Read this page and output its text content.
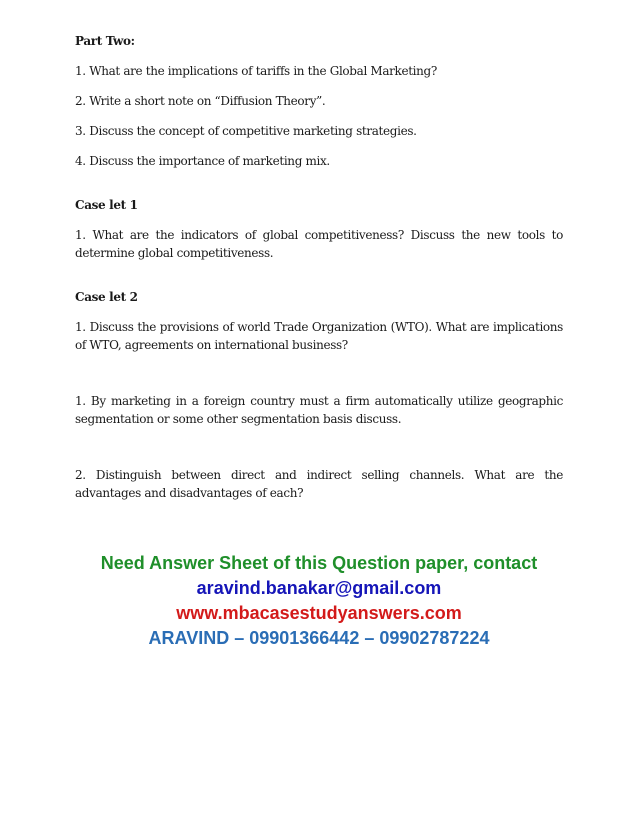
Part Two:
1. What are the implications of tariffs in the Global Marketing?
2. Write a short note on “Diffusion Theory”.
3. Discuss the concept of competitive marketing strategies.
4. Discuss the importance of marketing mix.
Case let 1
1. What are the indicators of global competitiveness? Discuss the new tools to determine global competitiveness.
Case let 2
1. Discuss the provisions of world Trade Organization (WTO). What are implications of WTO, agreements on international business?
1. By marketing in a foreign country must a firm automatically utilize geographic segmentation or some other segmentation basis discuss.
2. Distinguish between direct and indirect selling channels. What are the advantages and disadvantages of each?
Need Answer Sheet of this Question paper, contact
aravind.banakar@gmail.com
www.mbacasestudyanswers.com
ARAVIND – 09901366442 – 09902787224
